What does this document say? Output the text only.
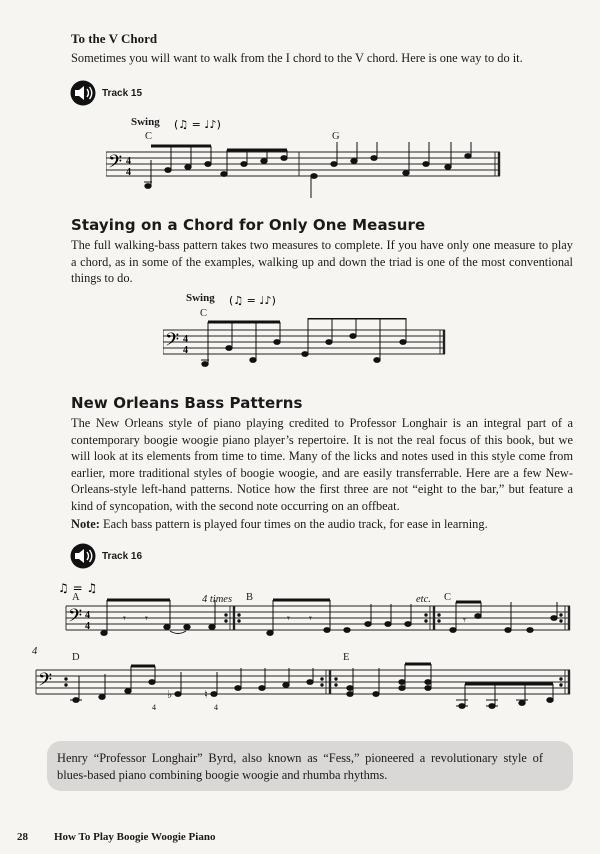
To the V Chord
Sometimes you will want to walk from the I chord to the V chord. Here is one way to do it.
Track 15
Swing (♫ = ♩♪)
C	G
𝄢 4
4
Staying on a Chord for Only One Measure
The full walking-bass pattern takes two measures to complete. If you have only one measure to play a chord, as in some of the examples, walking up and down the triad is one of the most conventional things to do.
Swing (♫ = ♩♪)
C
𝄢 4
4
New Orleans Bass Patterns
The New Orleans style of piano playing credited to Professor Longhair is an integral part of a contemporary boogie woogie piano player’s repertoire. It is not the real focus of this book, but we will look at its elements from time to time. Many of the licks and notes used in this style come from earlier, more traditional styles of boogie woogie, and are easily transferrable. Here are a few New-Orleans-style left-hand patterns. Notice how the first three are not “eight to the bar,” but feature a kind of syncopation, with the second note occurring on an offbeat.
Note: Each bass pattern is played four times on the audio track, for ease in learning.
Track 16
♫ = ♫
A	4 times B	etc. C
𝄢 4
4
𝄾 𝄾	𝄾 𝄾	𝄾
4
D	E
𝄢
4
♭	♮
4
Henry “Professor Longhair” Byrd, also known as “Fess,” pioneered a revolutionary style of blues-based piano combining boogie woogie and rhumba rhythms.
28 How To Play Boogie Woogie Piano
